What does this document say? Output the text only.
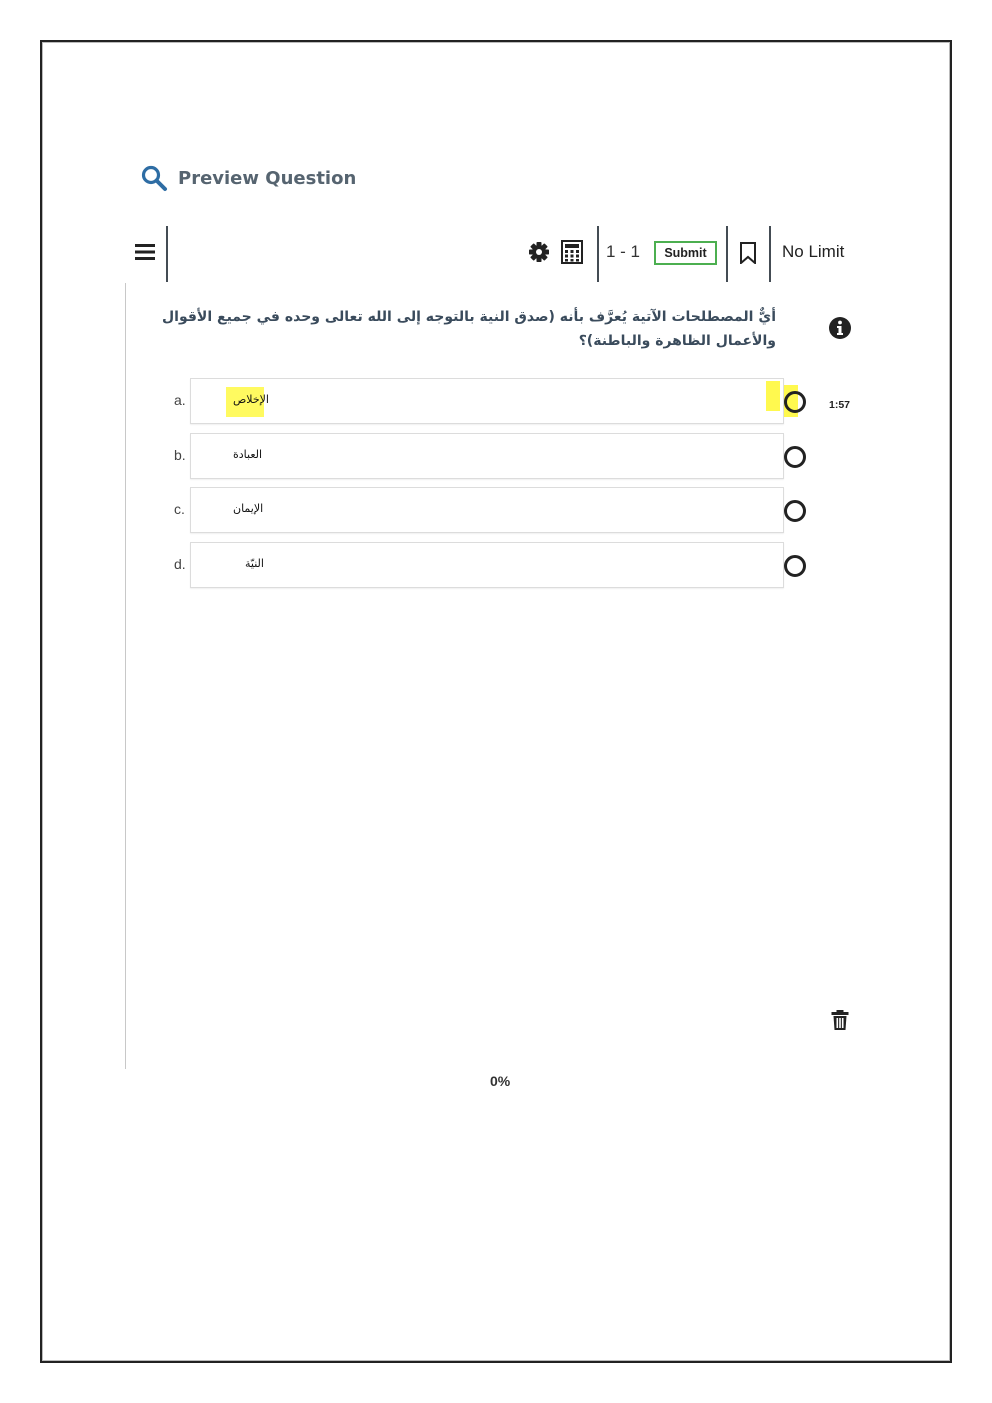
Preview Question
1 - 1	Submit	No Limit
أيٌّ المصطلحات الآتية يُعرَّف بأنه (صدق النية بالتوجه إلى الله تعالى وحده في جميع الأقوال والأعمال الظاهرة والباطنة)؟
1:57
a.	الإخلاص
b.	العبادة
c.	الإيمان
d.	النيّة
0%
